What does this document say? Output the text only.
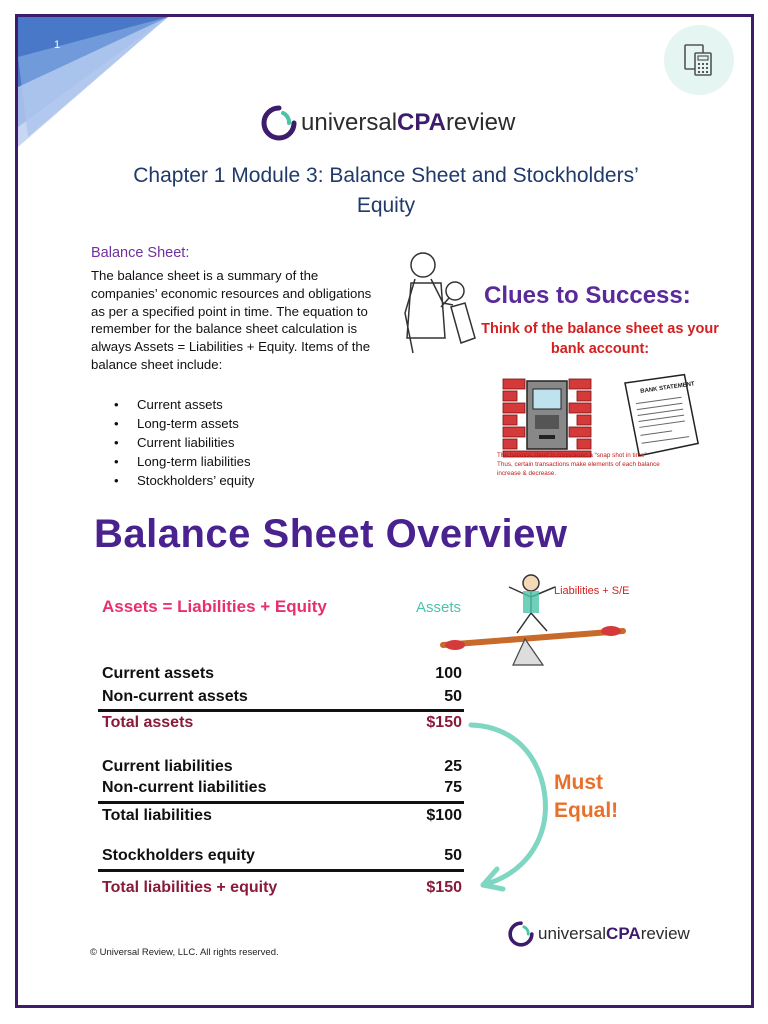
1
universalCPAreview
Chapter 1 Module 3: Balance Sheet and Stockholders’
Equity
Balance Sheet:
The balance sheet is a summary of the companies’ economic resources and obligations as per a specified point in time. The equation to remember for the balance sheet calculation is always Assets = Liabilities + Equity. Items of the balance sheet include:
• Current assets
• Long-term assets
• Current liabilities
• Long-term liabilities
• Stockholders’ equity
BANK STATEMENT
Clues to Success:
Think of the balance sheet as your bank account:
The balance sheet is considered a “snap shot in time”
Thus, certain transactions make elements of each balance
increase & decrease.
Balance Sheet Overview
Assets = Liabilities + Equity	Assets
Liabilities + S/E
Current assets	100
Non-current assets	50
Total assets	$150
Current liabilities	25
Non-current liabilities	75
Total liabilities	$100
Stockholders equity	50
Total liabilities + equity	$150
Must
Equal!
universalCPAreview
© Universal Review, LLC. All rights reserved.
